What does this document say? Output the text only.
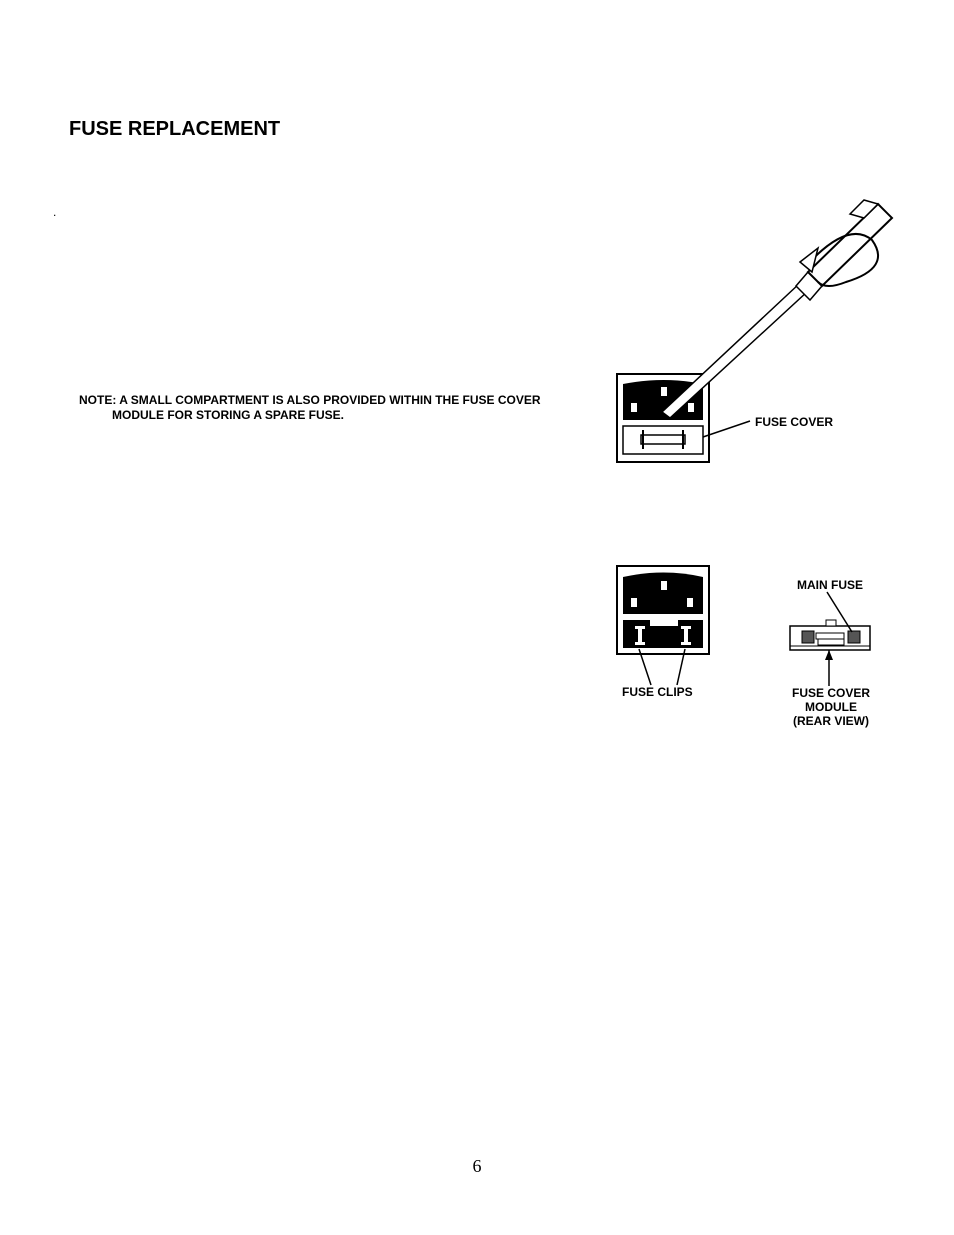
FUSE REPLACEMENT
.
NOTE: A SMALL COMPARTMENT IS ALSO PROVIDED WITHIN THE FUSE COVER
MODULE FOR STORING A SPARE FUSE.	FUSE COVER
MAIN FUSE
FUSE CLIPS	FUSE COVER
MODULE
(REAR VIEW)
6
